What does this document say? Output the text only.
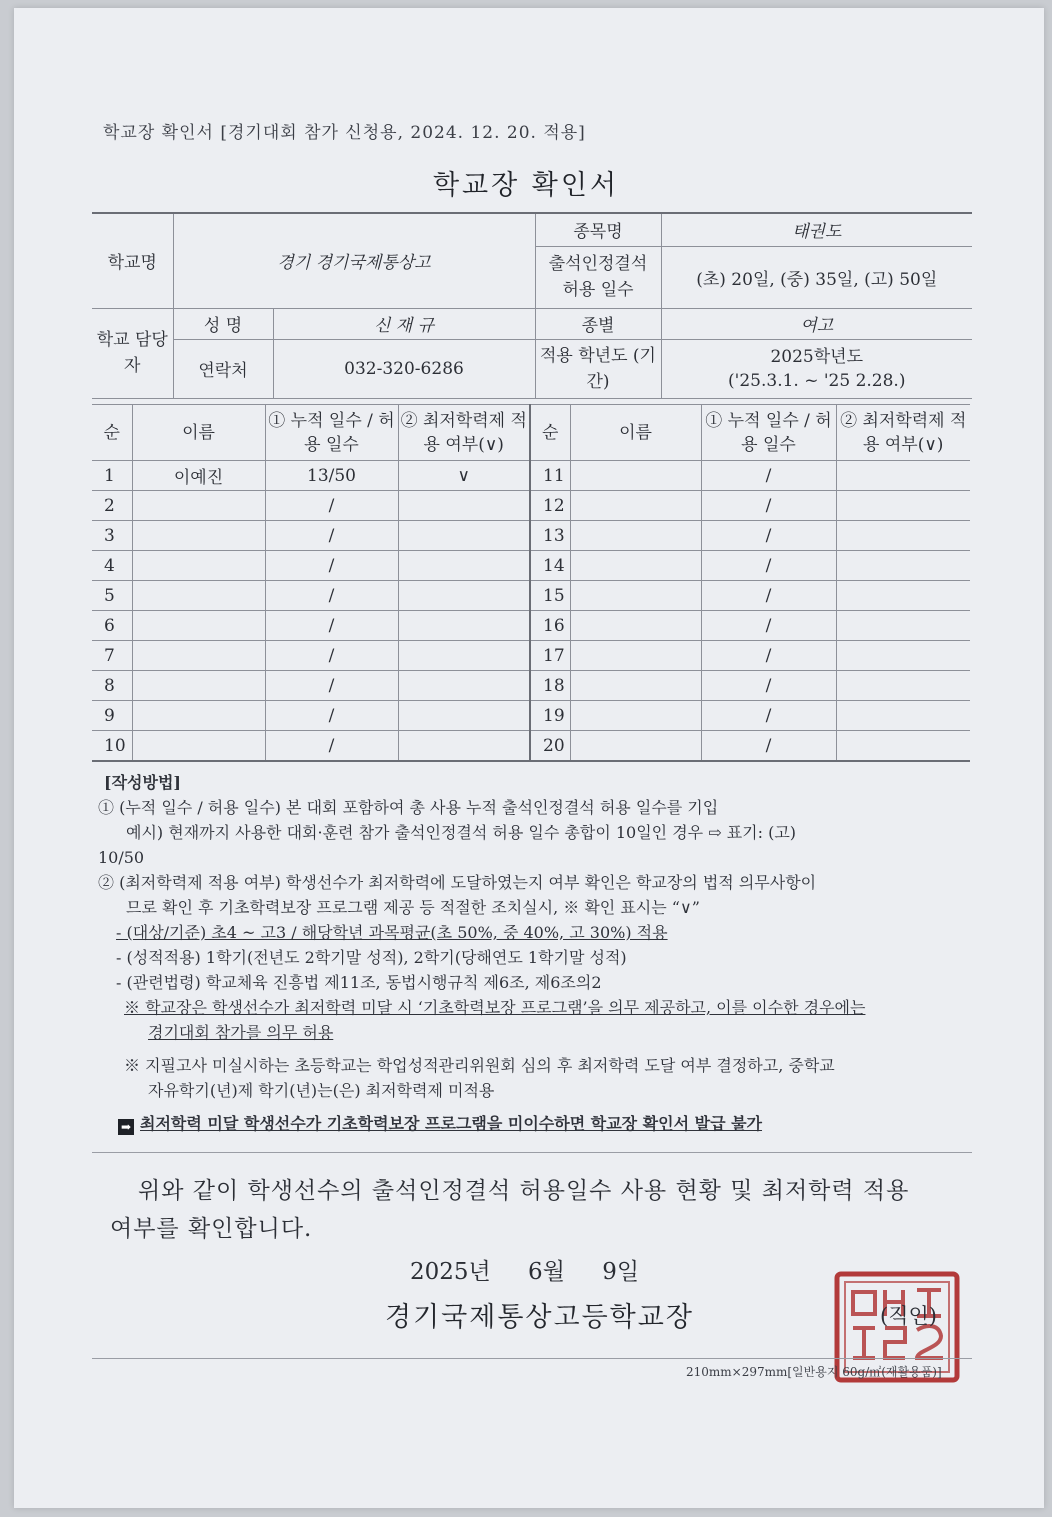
학교장 확인서 [경기대회 참가 신청용, 2024. 12. 20. 적용]
학교장 확인서
학교명	경기 경기국제통상고		종목명	태권도
			출석인정결석 허용 일수	(초) 20일, (중) 35일, (고) 50일
학교 담당자	성 명	신 재 규	종별	여고
	연락처	032-320-6286	적용 학년도 (기간)	2025학년도
('25.3.1. ~ '25 2.28.)
순	이름	① 누적 일수 / 허용 일수	② 최저학력제 적용 여부(∨)	순	이름	① 누적 일수 / 허용 일수	② 최저학력제 적용 여부(∨)
1	이예진	13/50	∨	11		/	
2		/		12		/	
3		/		13		/	
4		/		14		/	
5		/		15		/	
6		/		16		/	
7		/		17		/	
8		/		18		/	
9		/		19		/	
10		/		20		/	

[작성방법]

① (누적 일수 / 허용 일수) 본 대회 포함하여 총 사용 누적 출석인정결석 허용 일수를 기입

예시) 현재까지 사용한 대회·훈련 참가 출석인정결석 허용 일수 총합이 10일인 경우 ⇨ 표기: (고)

10/50

② (최저학력제 적용 여부) 학생선수가 최저학력에 도달하였는지 여부 확인은 학교장의 법적 의무사항이

므로 확인 후 기초학력보장 프로그램 제공 등 적절한 조치실시, ※ 확인 표시는 “∨”

- (대상/기준) 초4 ~ 고3 / 해당학년 과목평균(초 50%, 중 40%, 고 30%) 적용

- (성적적용) 1학기(전년도 2학기말 성적), 2학기(당해연도 1학기말 성적)

- (관련법령) 학교체육 진흥법 제11조, 동법시행규칙 제6조, 제6조의2

※ 학교장은 학생선수가 최저학력 미달 시 ‘기초학력보장 프로그램’을 의무 제공하고, 이를 이수한 경우에는

경기대회 참가를 의무 허용

※ 지필고사 미실시하는 초등학교는 학업성적관리위원회 심의 후 최저학력 도달 여부 결정하고, 중학교

자유학기(년)제 학기(년)는(은) 최저학력제 미적용

➡ 최저학력 미달 학생선수가 기초학력보장 프로그램을 미이수하면 학교장 확인서 발급 불가

위와 같이 학생선수의 출석인정결석 허용일수 사용 현황 및 최저학력 적용
여부를 확인합니다.
2025년 6월 9일
경기국제통상고등학교장	(직인)
210mm×297mm[일반용지 60g/㎡(재활용품)]
